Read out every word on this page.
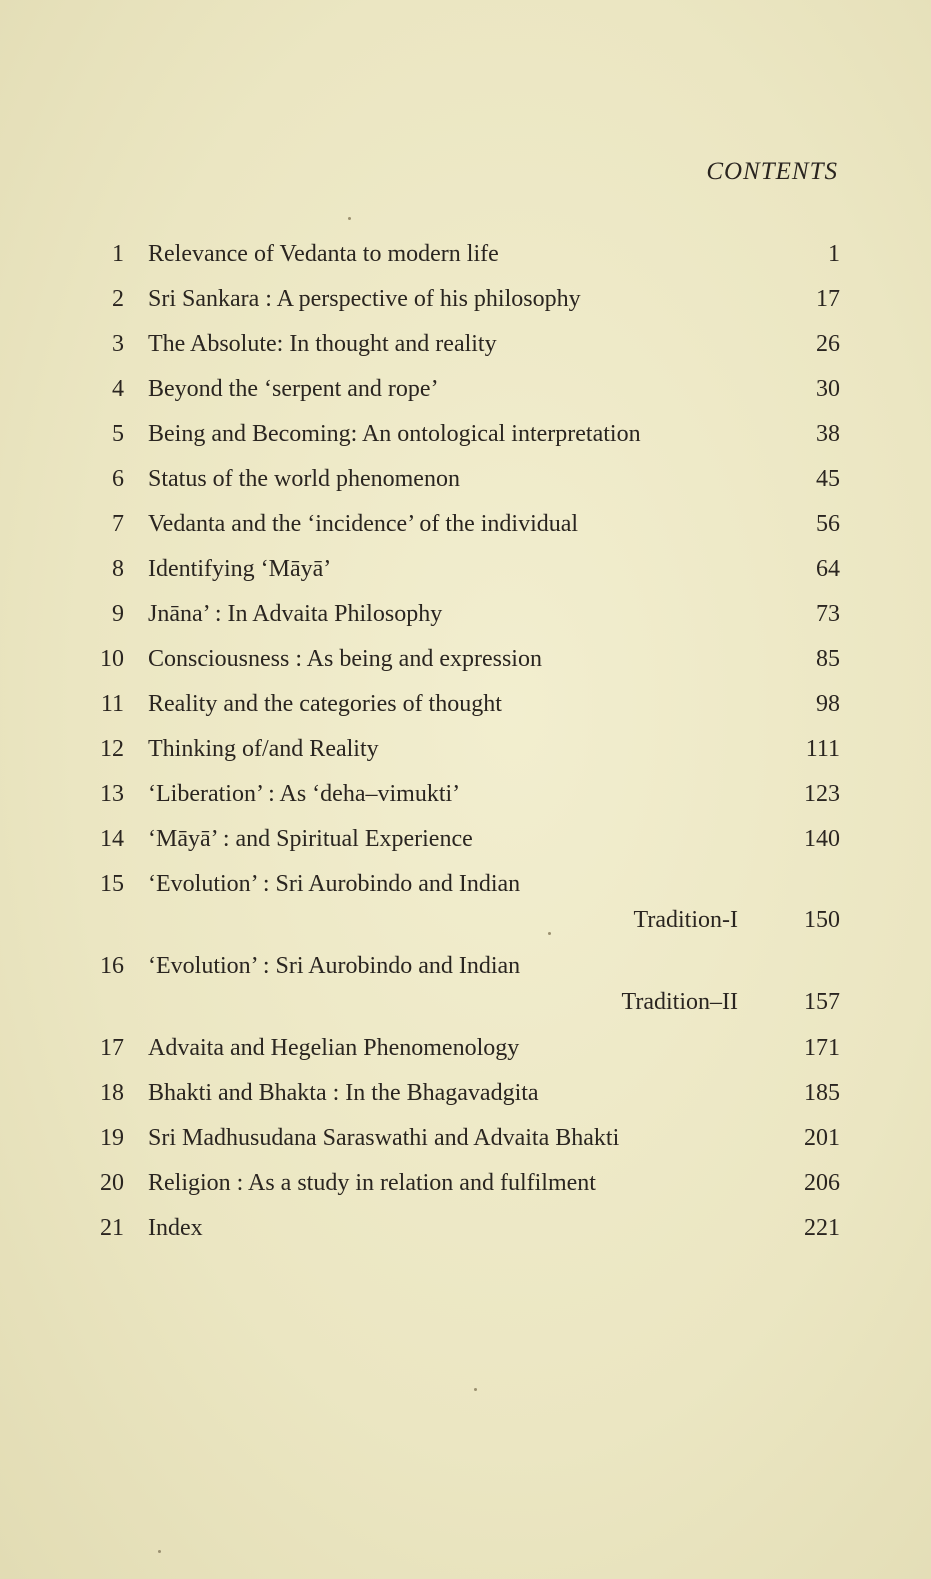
CONTENTS
1 Relevance of Vedanta to modern life	1
2 Sri Sankara : A perspective of his philosophy	17
3 The Absolute: In thought and reality	26
4 Beyond the ‘serpent and rope’	30
5 Being and Becoming: An ontological interpretation	38
6 Status of the world phenomenon	45
7 Vedanta and the ‘incidence’ of the individual	56
8 Identifying ‘Māyā’	64
9 Jnāna’ : In Advaita Philosophy	73
10 Consciousness : As being and expression	85
11 Reality and the categories of thought	98
12 Thinking of/and Reality	111
13 ‘Liberation’ : As ‘deha–vimukti’	123
14 ‘Māyā’ : and Spiritual Experience	140
15 ‘Evolution’ : Sri Aurobindo and Indian
Tradition-I	150
16 ‘Evolution’ : Sri Aurobindo and Indian
Tradition–II	157
17 Advaita and Hegelian Phenomenology	171
18 Bhakti and Bhakta : In the Bhagavadgita	185
19 Sri Madhusudana Saraswathi and Advaita Bhakti	201
20 Religion : As a study in relation and fulfilment	206
21 Index	221
